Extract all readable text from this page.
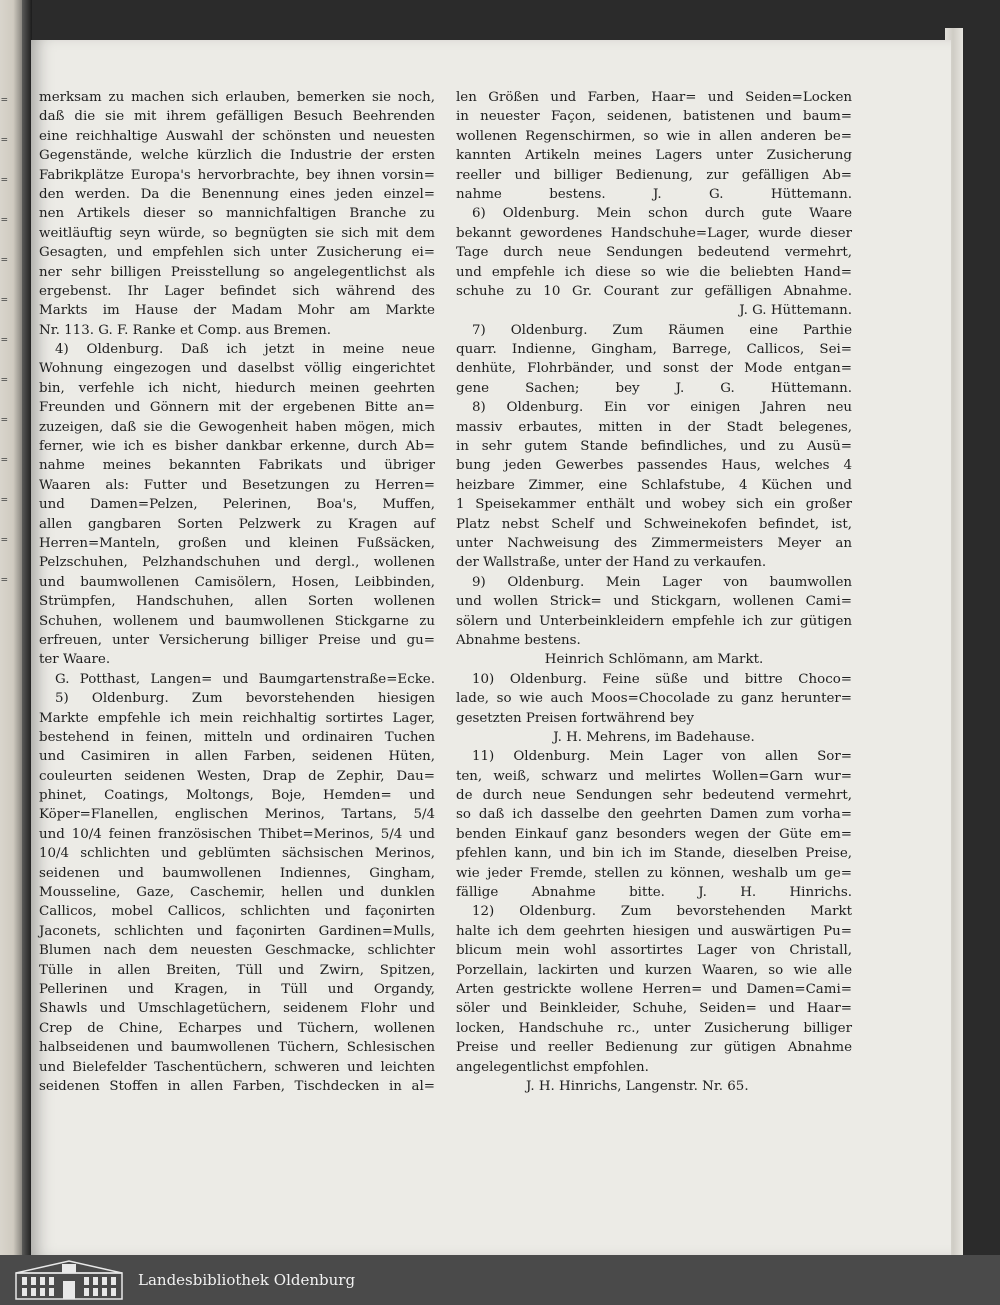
=
=
=
=
=
=
=
=
=
=
=
=
=
merksam zu machen sich erlauben, bemerken sie noch,
daß die sie mit ihrem gefälligen Besuch Beehrenden
eine reichhaltige Auswahl der schönsten und neuesten
Gegenstände, welche kürzlich die Industrie der ersten
Fabrikplätze Europa's hervorbrachte, bey ihnen vorsin=
den werden. Da die Benennung eines jeden einzel=
nen Artikels dieser so mannichfaltigen Branche zu
weitläuftig seyn würde, so begnügten sie sich mit dem
Gesagten, und empfehlen sich unter Zusicherung ei=
ner sehr billigen Preisstellung so angelegentlichst als
ergebenst. Ihr Lager befindet sich während des
Markts im Hause der Madam Mohr am Markte
Nr. 113. G. F. Ranke et Comp. aus Bremen.
4) Oldenburg. Daß ich jetzt in meine neue
Wohnung eingezogen und daselbst völlig eingerichtet
bin, verfehle ich nicht, hiedurch meinen geehrten
Freunden und Gönnern mit der ergebenen Bitte an=
zuzeigen, daß sie die Gewogenheit haben mögen, mich
ferner, wie ich es bisher dankbar erkenne, durch Ab=
nahme meines bekannten Fabrikats und übriger
Waaren als: Futter und Besetzungen zu Herren=
und Damen=Pelzen, Pelerinen, Boa's, Muffen,
allen gangbaren Sorten Pelzwerk zu Kragen auf
Herren=Manteln, großen und kleinen Fußsäcken,
Pelzschuhen, Pelzhandschuhen und dergl., wollenen
und baumwollenen Camisölern, Hosen, Leibbinden,
Strümpfen, Handschuhen, allen Sorten wollenen
Schuhen, wollenem und baumwollenen Stickgarne zu
erfreuen, unter Versicherung billiger Preise und gu=
ter Waare.
G. Potthast, Langen= und Baumgartenstraße=Ecke.
5) Oldenburg. Zum bevorstehenden hiesigen
Markte empfehle ich mein reichhaltig sortirtes Lager,
bestehend in feinen, mitteln und ordinairen Tuchen
und Casimiren in allen Farben, seidenen Hüten,
couleurten seidenen Westen, Drap de Zephir, Dau=
phinet, Coatings, Moltongs, Boje, Hemden= und
Köper=Flanellen, englischen Merinos, Tartans, 5/4
und 10/4 feinen französischen Thibet=Merinos, 5/4 und
10/4 schlichten und geblümten sächsischen Merinos,
seidenen und baumwollenen Indiennes, Gingham,
Mousseline, Gaze, Caschemir, hellen und dunklen
Callicos, mobel Callicos, schlichten und façonirten
Jaconets, schlichten und façonirten Gardinen=Mulls,
Blumen nach dem neuesten Geschmacke, schlichter
Tülle in allen Breiten, Tüll und Zwirn, Spitzen,
Pellerinen und Kragen, in Tüll und Organdy,
Shawls und Umschlagetüchern, seidenem Flohr und
Crep de Chine, Echarpes und Tüchern, wollenen
halbseidenen und baumwollenen Tüchern, Schlesischen
und Bielefelder Taschentüchern, schweren und leichten
seidenen Stoffen in allen Farben, Tischdecken in al=
len Größen und Farben, Haar= und Seiden=Locken
in neuester Façon, seidenen, batistenen und baum=
wollenen Regenschirmen, so wie in allen anderen be=
kannten Artikeln meines Lagers unter Zusicherung
reeller und billiger Bedienung, zur gefälligen Ab=
nahme bestens. J. G. Hüttemann.
6) Oldenburg. Mein schon durch gute Waare
bekannt gewordenes Handschuhe=Lager, wurde dieser
Tage durch neue Sendungen bedeutend vermehrt,
und empfehle ich diese so wie die beliebten Hand=
schuhe zu 10 Gr. Courant zur gefälligen Abnahme.
J. G. Hüttemann.
7) Oldenburg. Zum Räumen eine Parthie
quarr. Indienne, Gingham, Barrege, Callicos, Sei=
denhüte, Flohrbänder, und sonst der Mode entgan=
gene Sachen; bey J. G. Hüttemann.
8) Oldenburg. Ein vor einigen Jahren neu
massiv erbautes, mitten in der Stadt belegenes,
in sehr gutem Stande befindliches, und zu Ausü=
bung jeden Gewerbes passendes Haus, welches 4
heizbare Zimmer, eine Schlafstube, 4 Küchen und
1 Speisekammer enthält und wobey sich ein großer
Platz nebst Schelf und Schweinekofen befindet, ist,
unter Nachweisung des Zimmermeisters Meyer an
der Wallstraße, unter der Hand zu verkaufen.
9) Oldenburg. Mein Lager von baumwollen
und wollen Strick= und Stickgarn, wollenen Cami=
sölern und Unterbeinkleidern empfehle ich zur gütigen
Abnahme bestens.
Heinrich Schlömann, am Markt.
10) Oldenburg. Feine süße und bittre Choco=
lade, so wie auch Moos=Chocolade zu ganz herunter=
gesetzten Preisen fortwährend bey
J. H. Mehrens, im Badehause.
11) Oldenburg. Mein Lager von allen Sor=
ten, weiß, schwarz und melirtes Wollen=Garn wur=
de durch neue Sendungen sehr bedeutend vermehrt,
so daß ich dasselbe den geehrten Damen zum vorha=
benden Einkauf ganz besonders wegen der Güte em=
pfehlen kann, und bin ich im Stande, dieselben Preise,
wie jeder Fremde, stellen zu können, weshalb um ge=
fällige Abnahme bitte. J. H. Hinrichs.
12) Oldenburg. Zum bevorstehenden Markt
halte ich dem geehrten hiesigen und auswärtigen Pu=
blicum mein wohl assortirtes Lager von Christall,
Porzellain, lackirten und kurzen Waaren, so wie alle
Arten gestrickte wollene Herren= und Damen=Cami=
söler und Beinkleider, Schuhe, Seiden= und Haar=
locken, Handschuhe rc., unter Zusicherung billiger
Preise und reeller Bedienung zur gütigen Abnahme
angelegentlichst empfohlen.
J. H. Hinrichs, Langenstr. Nr. 65.
Landesbibliothek Oldenburg
